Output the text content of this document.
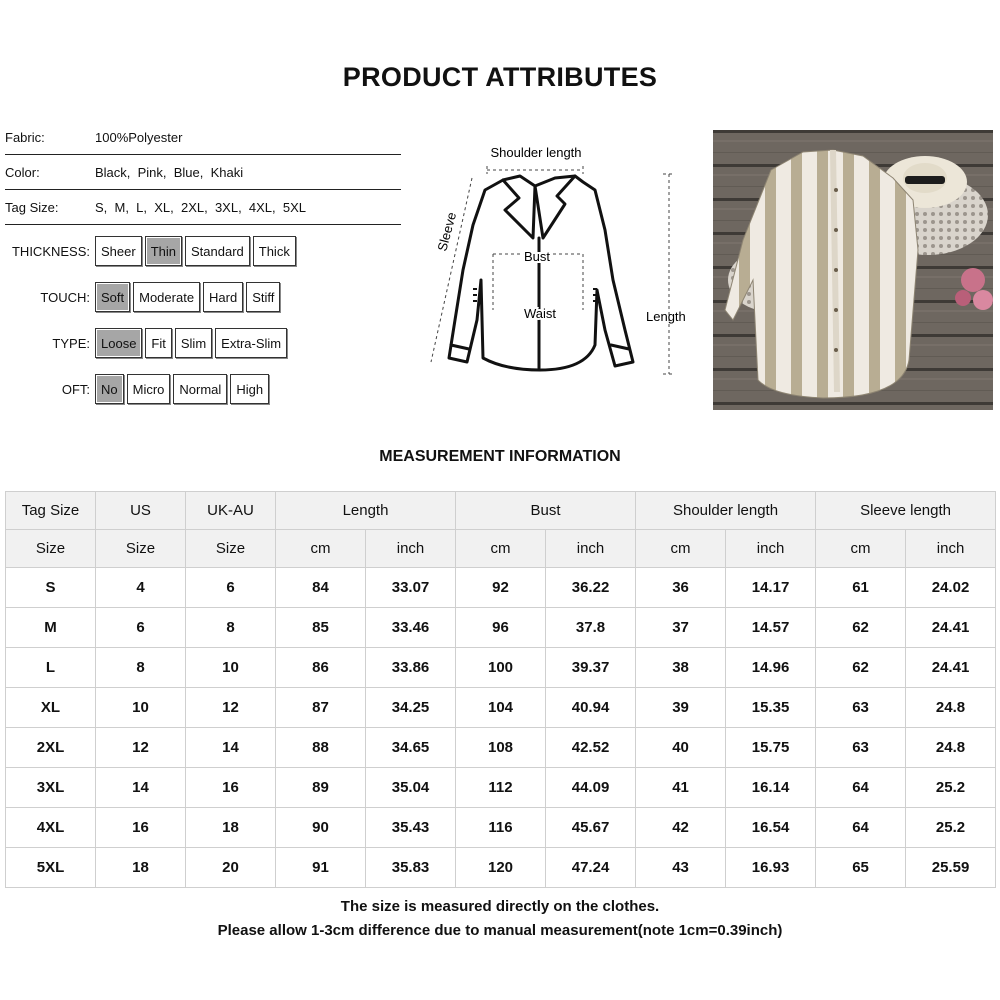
PRODUCT ATTRIBUTES
Fabric:	100%Polyester
Color:	Black,  Pink,  Blue,  Khaki
Tag Size:	S,  M,  L,  XL,  2XL,  3XL,  4XL,  5XL
THICKNESS: Sheer	Thin	Standard	Thick
TOUCH: Soft	Moderate	Hard	Stiff
TYPE: Loose	Fit	Slim	Extra-Slim
OFT: No	Micro	Normal	High
Shoulder length
Sleeve
Bust
Waist	Length
MEASUREMENT INFORMATION
Tag Size	US	UK-AU	Length		Bust		Shoulder length		Sleeve length	
Size	Size	Size	cm	inch	cm	inch	cm	inch	cm	inch
S	4	6	84	33.07	92	36.22	36	14.17	61	24.02
M	6	8	85	33.46	96	37.8	37	14.57	62	24.41
L	8	10	86	33.86	100	39.37	38	14.96	62	24.41
XL	10	12	87	34.25	104	40.94	39	15.35	63	24.8
2XL	12	14	88	34.65	108	42.52	40	15.75	63	24.8
3XL	14	16	89	35.04	112	44.09	41	16.14	64	25.2
4XL	16	18	90	35.43	116	45.67	42	16.54	64	25.2
5XL	18	20	91	35.83	120	47.24	43	16.93	65	25.59
The size is measured directly on the clothes.
Please allow 1-3cm difference due to manual measurement(note 1cm=0.39inch)
